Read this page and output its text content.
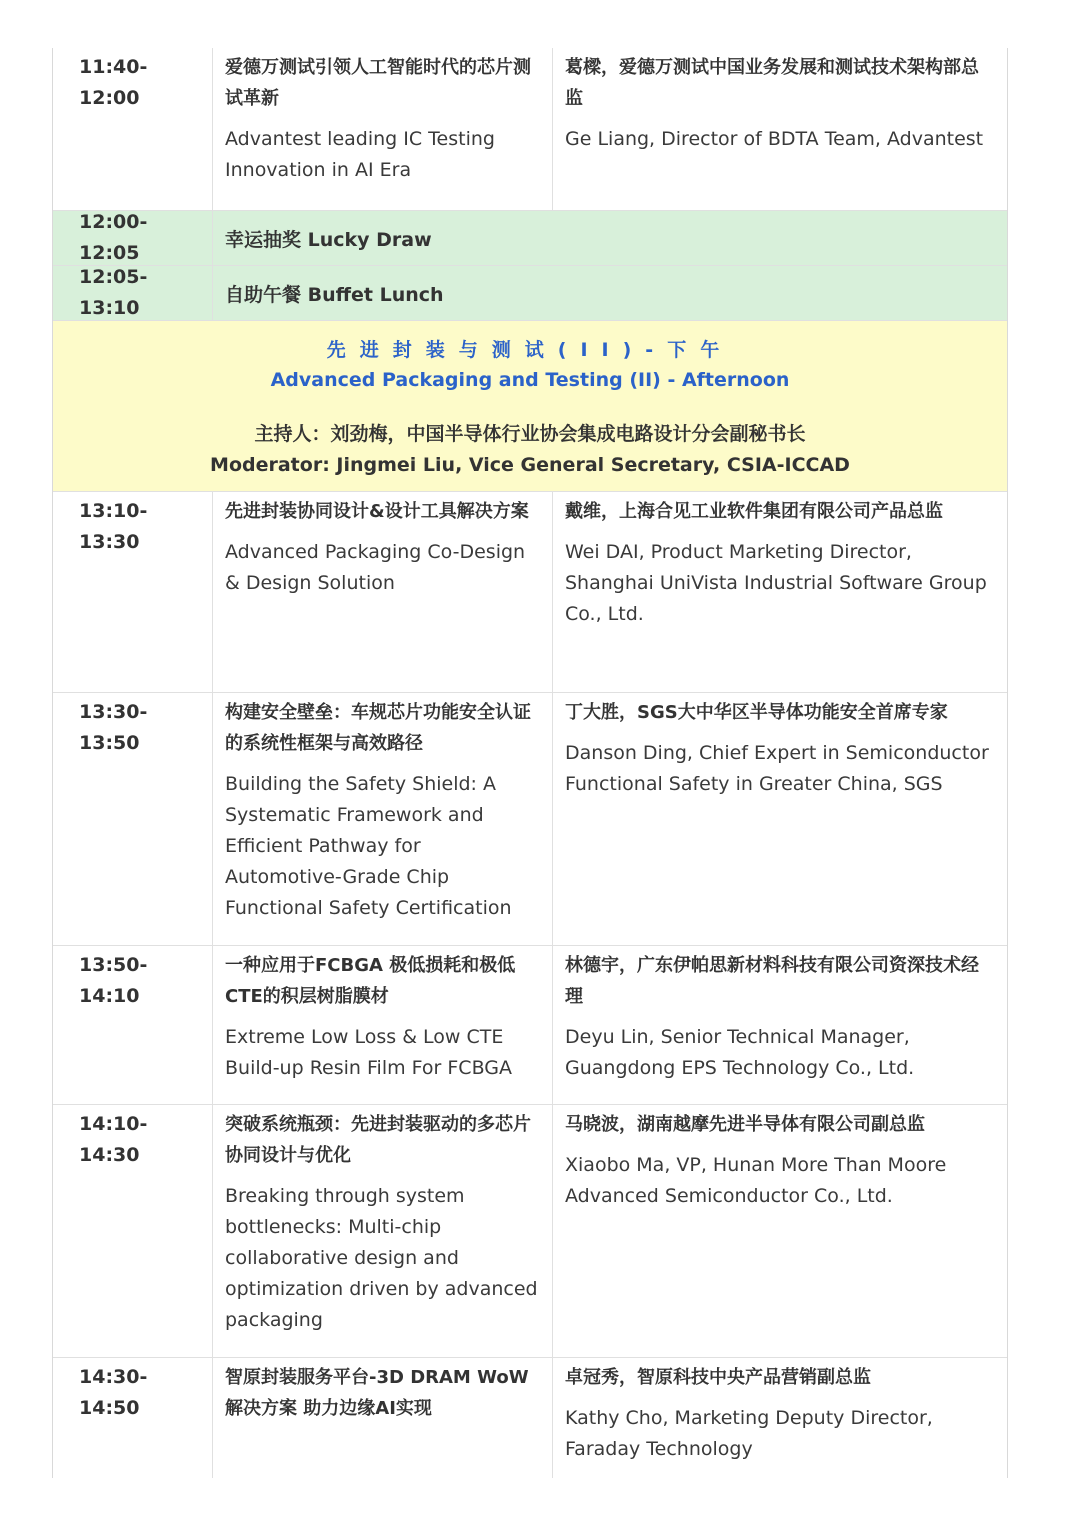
11:40-12:00

爱德万测试引领人工智能时代的芯片测试革新

Advantest leading IC Testing Innovation in AI Era

葛樑，爱德万测试中国业务发展和测试技术架构部总监

Ge Liang, Director of BDTA Team, Advantest

12:00-12:05
幸运抽奖 Lucky Draw
12:05-13:10
自助午餐 Buffet Lunch
先进封装与测试(II)-下午
Advanced Packaging and Testing (II) - Afternoon
主持人：刘劲梅，中国半导体行业协会集成电路设计分会副秘书长
Moderator: Jingmei Liu, Vice General Secretary, CSIA-ICCAD
13:10-13:30

先进封装协同设计&设计工具解决方案

Advanced Packaging Co-Design & Design Solution

戴维，上海合见工业软件集团有限公司产品总监

Wei DAI, Product Marketing Director, Shanghai UniVista Industrial Software Group Co., Ltd.

13:30-13:50

构建安全壁垒：车规芯片功能安全认证的系统性框架与高效路径

Building the Safety Shield: A Systematic Framework and Efficient Pathway for Automotive-Grade Chip Functional Safety Certification

丁大胜，SGS大中华区半导体功能安全首席专家

Danson Ding, Chief Expert in Semiconductor Functional Safety in Greater China, SGS

13:50-14:10

一种应用于FCBGA 极低损耗和极低CTE的积层树脂膜材

Extreme Low Loss & Low CTE Build-up Resin Film For FCBGA

林德宇，广东伊帕思新材料科技有限公司资深技术经理

Deyu Lin, Senior Technical Manager, Guangdong EPS Technology Co., Ltd.

14:10-14:30

突破系统瓶颈：先进封装驱动的多芯片协同设计与优化

Breaking through system bottlenecks: Multi-chip collaborative design and optimization driven by advanced packaging

马晓波，湖南越摩先进半导体有限公司副总监

Xiaobo Ma, VP, Hunan More Than Moore Advanced Semiconductor Co., Ltd.

14:30-14:50

智原封装服务平台-3D DRAM WoW解决方案 助力边缘AI实现

卓冠秀，智原科技中央产品营销副总监

Kathy Cho, Marketing Deputy Director, Faraday Technology
